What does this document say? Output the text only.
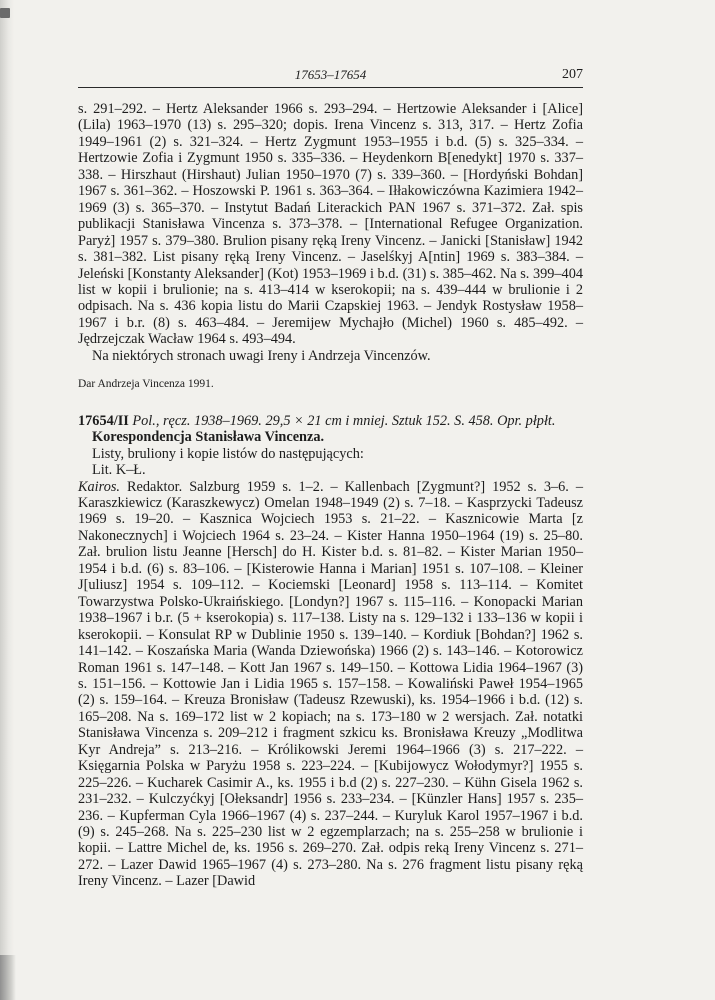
17653–17654	207

s. 291–292. – Hertz Aleksander 1966 s. 293–294. – Hertzowie Aleksander i [Alice] (Lila) 1963–1970 (13) s. 295–320; dopis. Irena Vincenz s. 313, 317. – Hertz Zofia 1949–1961 (2) s. 321–324. – Hertz Zygmunt 1953–1955 i b.d. (5) s. 325–334. – Hertzowie Zofia i Zygmunt 1950 s. 335–336. – Heydenkorn B[enedykt] 1970 s. 337–338. – Hirszhaut (Hirshaut) Julian 1950–1970 (7) s. 339–360. – [Hordyński Bohdan] 1967 s. 361–362. – Hoszowski P. 1961 s. 363–364. – Iłłakowiczówna Kazimiera 1942–1969 (3) s. 365–370. – Instytut Badań Literackich PAN 1967 s. 371–372. Zał. spis publikacji Stanisława Vincenza s. 373–378. – [International Refugee Organization. Paryż] 1957 s. 379–380. Brulion pisany ręką Ireny Vincenz. – Janicki [Stanisław] 1942 s. 381–382. List pisany ręką Ireny Vincenz. – Jaselśkyj A[ntin] 1969 s. 383–384. – Jeleński [Konstanty Aleksander] (Kot) 1953–1969 i b.d. (31) s. 385–462. Na s. 399–404 list w kopii i brulionie; na s. 413–414 w kserokopii; na s. 439–444 w brulionie i 2 odpisach. Na s. 436 kopia listu do Marii Czapskiej 1963. – Jendyk Rostysław 1958–1967 i b.r. (8) s. 463–484. – Jeremijew Mychajło (Michel) 1960 s. 485–492. – Jędrzejczak Wacław 1964 s. 493–494.

Na niektórych stronach uwagi Ireny i Andrzeja Vincenzów.

Dar Andrzeja Vincenza 1991.

17654/II Pol., ręcz. 1938–1969. 29,5 × 21 cm i mniej. Sztuk 152. S. 458. Opr. płpłt.

Korespondencja Stanisława Vincenza.

Listy, bruliony i kopie listów do następujących:

Lit. K–Ł.

Kairos. Redaktor. Salzburg 1959 s. 1–2. – Kallenbach [Zygmunt?] 1952 s. 3–6. – Karaszkiewicz (Karaszkewycz) Omelan 1948–1949 (2) s. 7–18. – Kasprzycki Tadeusz 1969 s. 19–20. – Kasznica Wojciech 1953 s. 21–22. – Kasznicowie Marta [z Nakonecznych] i Wojciech 1964 s. 23–24. – Kister Hanna 1950–1964 (19) s. 25–80. Zał. brulion listu Jeanne [Hersch] do H. Kister b.d. s. 81–82. – Kister Marian 1950–1954 i b.d. (6) s. 83–106. – [Kisterowie Hanna i Marian] 1951 s. 107–108. – Kleiner J[uliusz] 1954 s. 109–112. – Kociemski [Leonard] 1958 s. 113–114. – Komitet Towarzystwa Polsko-Ukraińskiego. [Londyn?] 1967 s. 115–116. – Konopacki Marian 1938–1967 i b.r. (5 + kserokopia) s. 117–138. Listy na s. 129–132 i 133–136 w kopii i kserokopii. – Konsulat RP w Dublinie 1950 s. 139–140. – Kordiuk [Bohdan?] 1962 s. 141–142. – Koszańska Maria (Wanda Dziewońska) 1966 (2) s. 143–146. – Kotorowicz Roman 1961 s. 147–148. – Kott Jan 1967 s. 149–150. – Kottowa Lidia 1964–1967 (3) s. 151–156. – Kottowie Jan i Lidia 1965 s. 157–158. – Kowaliński Paweł 1954–1965 (2) s. 159–164. – Kreuza Bronisław (Tadeusz Rzewuski), ks. 1954–1966 i b.d. (12) s. 165–208. Na s. 169–172 list w 2 kopiach; na s. 173–180 w 2 wersjach. Zał. notatki Stanisława Vincenza s. 209–212 i fragment szkicu ks. Bronisława Kreuzy „Modlitwa Kyr Andreja” s. 213–216. – Królikowski Jeremi 1964–1966 (3) s. 217–222. – Księgarnia Polska w Paryżu 1958 s. 223–224. – [Kubijowycz Wołodymyr?] 1955 s. 225–226. – Kucharek Casimir A., ks. 1955 i b.d (2) s. 227–230. – Kühn Gisela 1962 s. 231–232. – Kulczyćkyj [Ołeksandr] 1956 s. 233–234. – [Künzler Hans] 1957 s. 235–236. – Kupferman Cyla 1966–1967 (4) s. 237–244. – Kuryluk Karol 1957–1967 i b.d. (9) s. 245–268. Na s. 225–230 list w 2 egzemplarzach; na s. 255–258 w brulionie i kopii. – Lattre Michel de, ks. 1956 s. 269–270. Zał. odpis reką Ireny Vincenz s. 271–272. – Lazer Dawid 1965–1967 (4) s. 273–280. Na s. 276 fragment listu pisany ręką Ireny Vincenz. – Lazer [Dawid
